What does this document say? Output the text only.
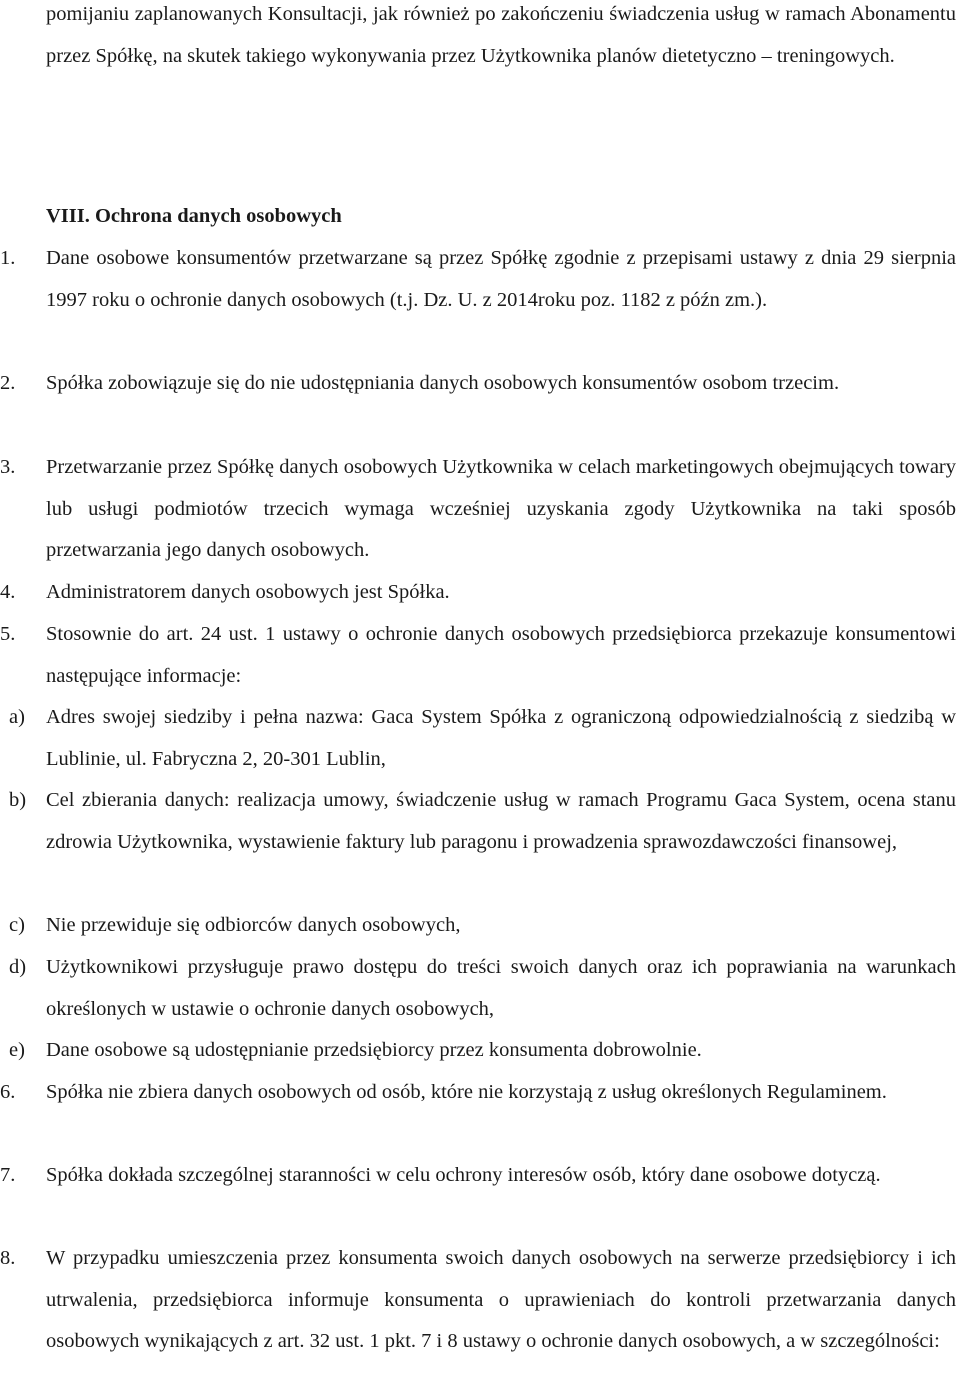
pomijaniu zaplanowanych Konsultacji, jak również po zakończeniu świadczenia usług w ramach Abonamentu przez Spółkę, na skutek takiego wykonywania przez Użytkownika planów dietetyczno – treningowych.

VIII. Ochrona danych osobowych
1.	Dane osobowe konsumentów przetwarzane są przez Spółkę zgodnie z przepisami ustawy z dnia 29 sierpnia 1997 roku o ochronie danych osobowych (t.j. Dz. U. z 2014roku poz. 1182 z późn zm.).
2.	Spółka zobowiązuje się do nie udostępniania danych osobowych konsumentów osobom trzecim.
3.	Przetwarzanie przez Spółkę danych osobowych Użytkownika w celach marketingowych obejmujących towary lub usługi podmiotów trzecich wymaga wcześniej uzyskania zgody Użytkownika na taki sposób przetwarzania jego danych osobowych.
4.	Administratorem danych osobowych jest Spółka.
5.	Stosownie do art. 24 ust. 1 ustawy o ochronie danych osobowych przedsiębiorca przekazuje konsumentowi następujące informacje:
a)	Adres swojej siedziby i pełna nazwa: Gaca System Spółka z ograniczoną odpowiedzialnością z siedzibą w Lublinie, ul. Fabryczna 2, 20-301 Lublin,
b) Cel zbierania danych: realizacja umowy, świadczenie usług w ramach Programu Gaca System, ocena stanu zdrowia Użytkownika, wystawienie faktury lub paragonu i prowadzenia sprawozdawczości finansowej,
c)	Nie przewiduje się odbiorców danych osobowych,
d) Użytkownikowi przysługuje prawo dostępu do treści swoich danych oraz ich poprawiania na warunkach określonych w ustawie o ochronie danych osobowych,
e)	Dane osobowe są udostępnianie przedsiębiorcy przez konsumenta dobrowolnie.
6.	Spółka nie zbiera danych osobowych od osób, które nie korzystają z usług określonych Regulaminem.
7.	Spółka dokłada szczególnej staranności w celu ochrony interesów osób, który dane osobowe dotyczą.
8.	W przypadku umieszczenia przez konsumenta swoich danych osobowych na serwerze przedsiębiorcy i ich utrwalenia, przedsiębiorca informuje konsumenta o uprawieniach do kontroli przetwarzania danych osobowych wynikających z art. 32 ust. 1 pkt. 7 i 8 ustawy o ochronie danych osobowych, a w szczególności:
